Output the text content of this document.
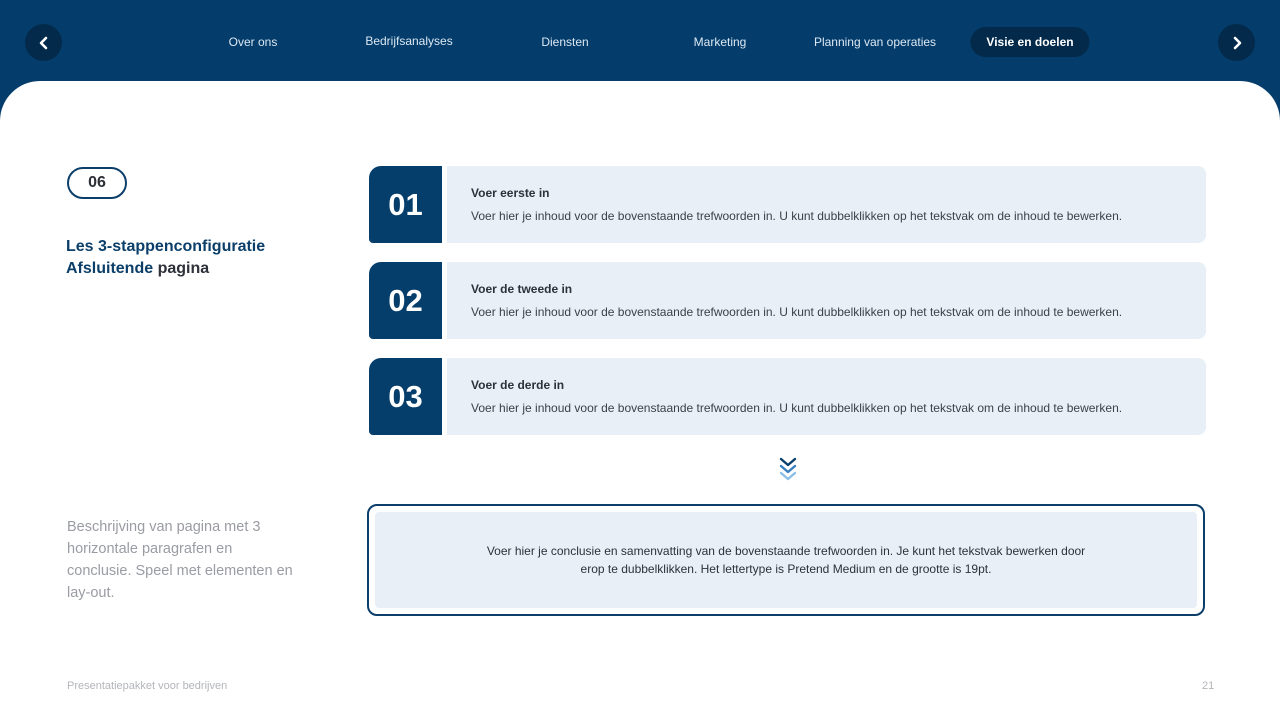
Over ons	Bedrijfsanalyses	Diensten	Marketing	Planning van operaties	Visie en doelen
06
Les 3-stappenconfiguratie
Afsluitende pagina
Beschrijving van pagina met 3 horizontale paragrafen en conclusie. Speel met elementen en lay-out.
01	Voer eerste in
Voer hier je inhoud voor de bovenstaande trefwoorden in. U kunt dubbelklikken op het tekstvak om de inhoud te bewerken.
02	Voer de tweede in
Voer hier je inhoud voor de bovenstaande trefwoorden in. U kunt dubbelklikken op het tekstvak om de inhoud te bewerken.
03	Voer de derde in
Voer hier je inhoud voor de bovenstaande trefwoorden in. U kunt dubbelklikken op het tekstvak om de inhoud te bewerken.
Voer hier je conclusie en samenvatting van de bovenstaande trefwoorden in. Je kunt het tekstvak bewerken door erop te dubbelklikken. Het lettertype is Pretend Medium en de grootte is 19pt.
Presentatiepakket voor bedrijven	21
